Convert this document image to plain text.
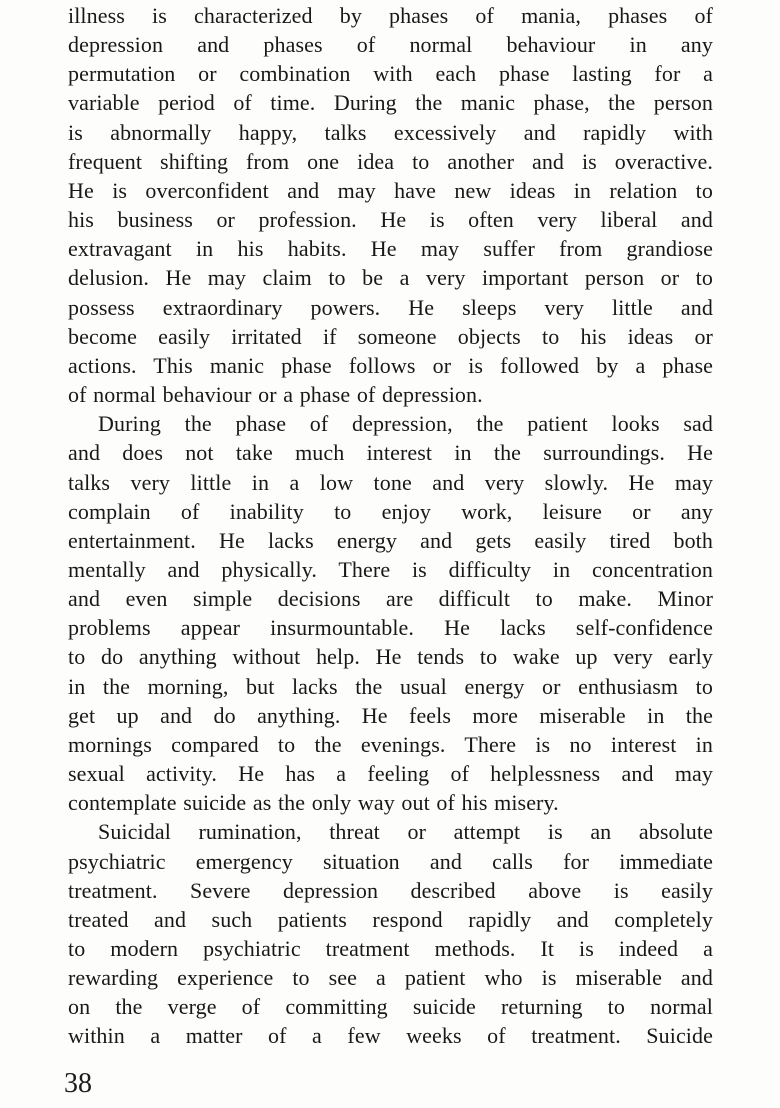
illness is characterized by phases of mania, phases of
depression and phases of normal behaviour in any
permutation or combination with each phase lasting for a
variable period of time. During the manic phase, the person
is abnormally happy, talks excessively and rapidly with
frequent shifting from one idea to another and is overactive.
He is overconfident and may have new ideas in relation to
his business or profession. He is often very liberal and
extravagant in his habits. He may suffer from grandiose
delusion. He may claim to be a very important person or to
possess extraordinary powers. He sleeps very little and
become easily irritated if someone objects to his ideas or
actions. This manic phase follows or is followed by a phase
of normal behaviour or a phase of depression.
During the phase of depression, the patient looks sad
and does not take much interest in the surroundings. He
talks very little in a low tone and very slowly. He may
complain of inability to enjoy work, leisure or any
entertainment. He lacks energy and gets easily tired both
mentally and physically. There is difficulty in concentration
and even simple decisions are difficult to make. Minor
problems appear insurmountable. He lacks self-confidence
to do anything without help. He tends to wake up very early
in the morning, but lacks the usual energy or enthusiasm to
get up and do anything. He feels more miserable in the
mornings compared to the evenings. There is no interest in
sexual activity. He has a feeling of helplessness and may
contemplate suicide as the only way out of his misery.
Suicidal rumination, threat or attempt is an absolute
psychiatric emergency situation and calls for immediate
treatment. Severe depression described above is easily
treated and such patients respond rapidly and completely
to modern psychiatric treatment methods. It is indeed a
rewarding experience to see a patient who is miserable and
on the verge of committing suicide returning to normal
within a matter of a few weeks of treatment. Suicide
38
